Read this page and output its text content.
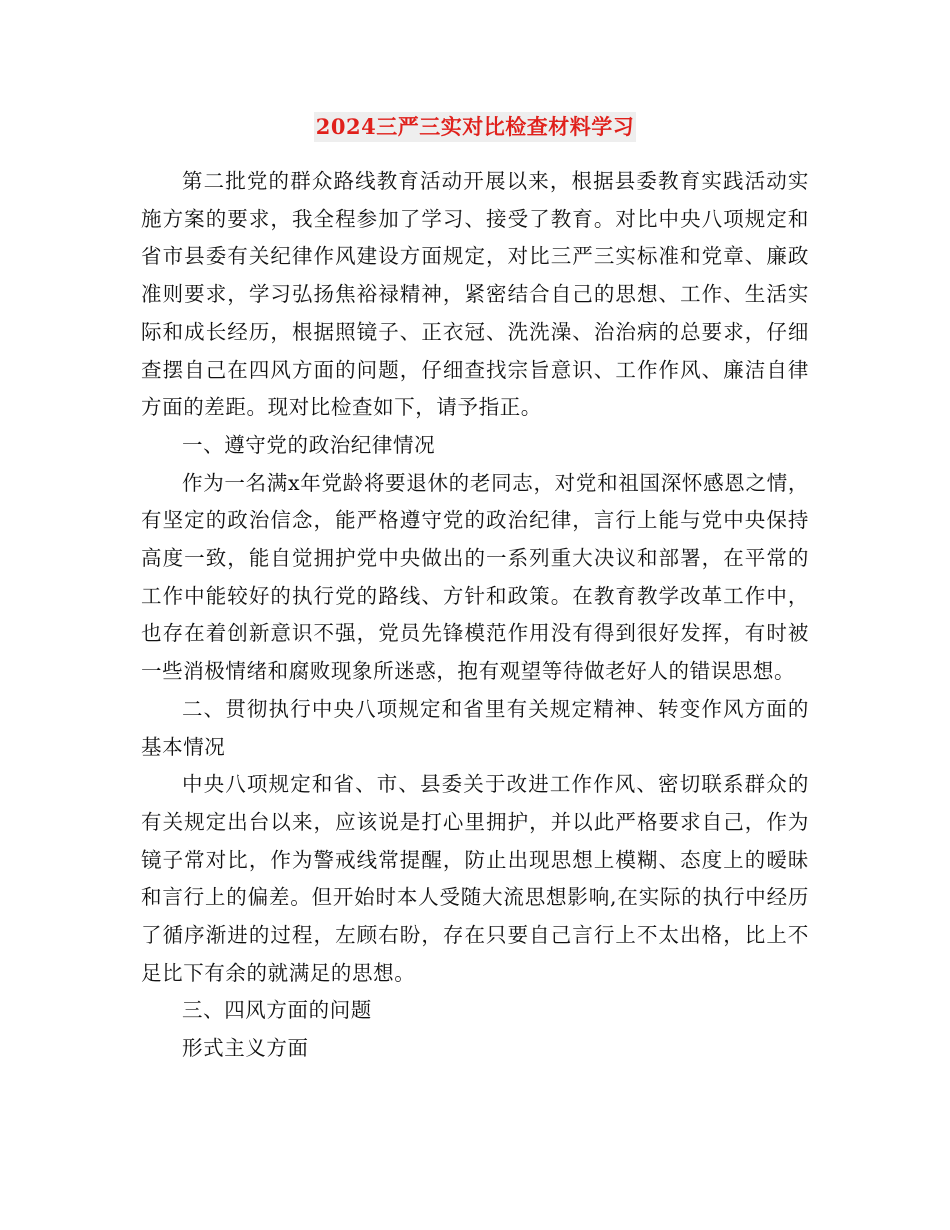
2024三严三实对比检查材料学习

第二批党的群众路线教育活动开展以来，根据县委教育实践活动实施方案的要求，我全程参加了学习、接受了教育。对比中央八项规定和省市县委有关纪律作风建设方面规定，对比三严三实标准和党章、廉政准则要求，学习弘扬焦裕禄精神，紧密结合自己的思想、工作、生活实际和成长经历，根据照镜子、正衣冠、洗洗澡、治治病的总要求，仔细查摆自己在四风方面的问题，仔细查找宗旨意识、工作作风、廉洁自律方面的差距。现对比检查如下，请予指正。

一、遵守党的政治纪律情况

作为一名满x年党龄将要退休的老同志，对党和祖国深怀感恩之情，有坚定的政治信念，能严格遵守党的政治纪律，言行上能与党中央保持高度一致，能自觉拥护党中央做出的一系列重大决议和部署，在平常的工作中能较好的执行党的路线、方针和政策。在教育教学改革工作中，也存在着创新意识不强，党员先锋模范作用没有得到很好发挥，有时被一些消极情绪和腐败现象所迷惑，抱有观望等待做老好人的错误思想。

二、贯彻执行中央八项规定和省里有关规定精神、转变作风方面的基本情况

中央八项规定和省、市、县委关于改进工作作风、密切联系群众的有关规定出台以来，应该说是打心里拥护，并以此严格要求自己，作为镜子常对比，作为警戒线常提醒，防止出现思想上模糊、态度上的暧昧和言行上的偏差。但开始时本人受随大流思想影响,在实际的执行中经历了循序渐进的过程，左顾右盼，存在只要自己言行上不太出格，比上不足比下有余的就满足的思想。

三、四风方面的问题

形式主义方面
